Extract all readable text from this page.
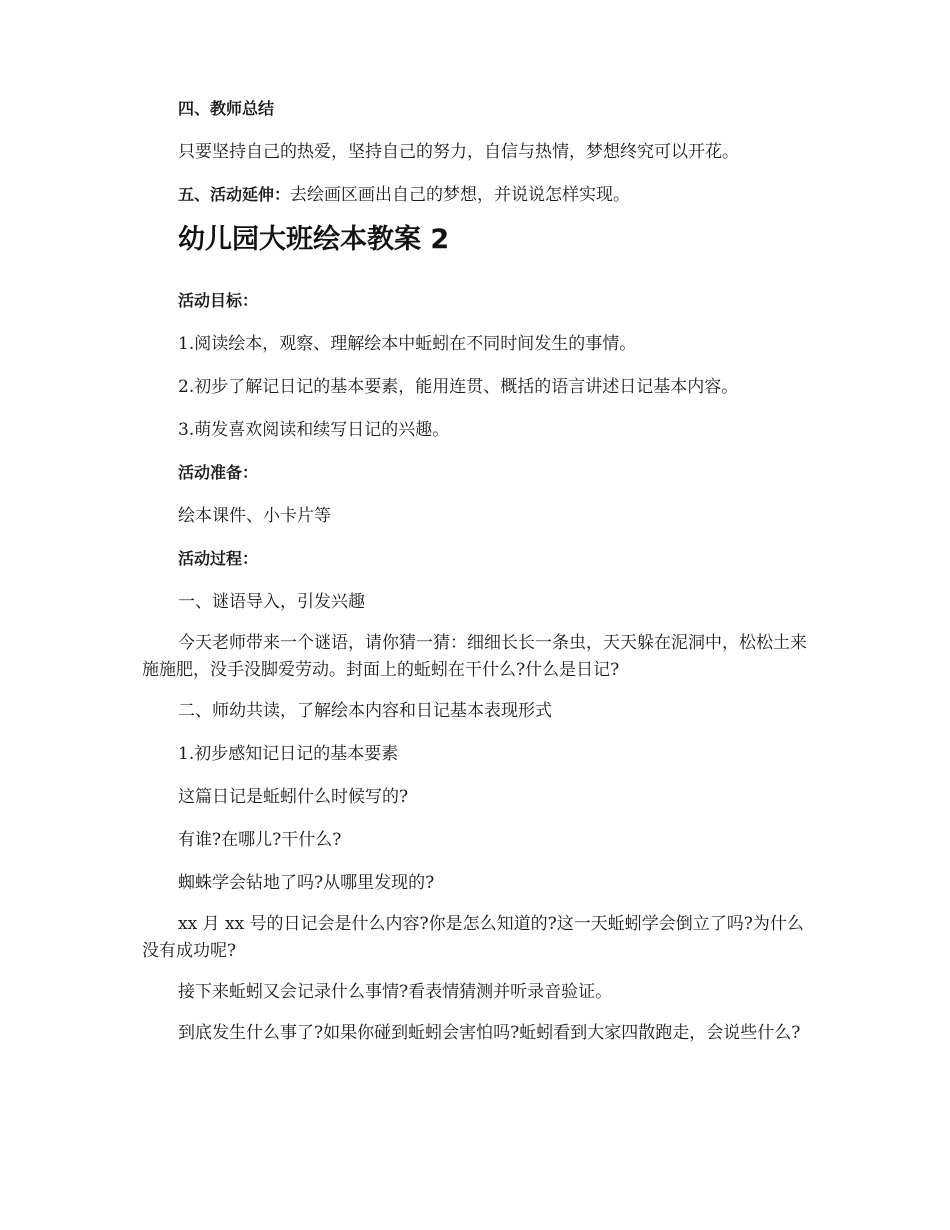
四、教师总结
只要坚持自己的热爱，坚持自己的努力，自信与热情，梦想终究可以开花。
五、活动延伸：去绘画区画出自己的梦想，并说说怎样实现。
幼儿园大班绘本教案 2
活动目标：
1.阅读绘本，观察、理解绘本中蚯蚓在不同时间发生的事情。
2.初步了解记日记的基本要素，能用连贯、概括的语言讲述日记基本内容。
3.萌发喜欢阅读和续写日记的兴趣。
活动准备：
绘本课件、小卡片等
活动过程：
一、谜语导入，引发兴趣
今天老师带来一个谜语，请你猜一猜：细细长长一条虫，天天躲在泥洞中，松松土来施施肥，没手没脚爱劳动。封面上的蚯蚓在干什么?什么是日记?
二、师幼共读，了解绘本内容和日记基本表现形式
1.初步感知记日记的基本要素
这篇日记是蚯蚓什么时候写的?
有谁?在哪儿?干什么?
蜘蛛学会钻地了吗?从哪里发现的?
xx 月 xx 号的日记会是什么内容?你是怎么知道的?这一天蚯蚓学会倒立了吗?为什么没有成功呢?
接下来蚯蚓又会记录什么事情?看表情猜测并听录音验证。
到底发生什么事了?如果你碰到蚯蚓会害怕吗?蚯蚓看到大家四散跑走，会说些什么?
